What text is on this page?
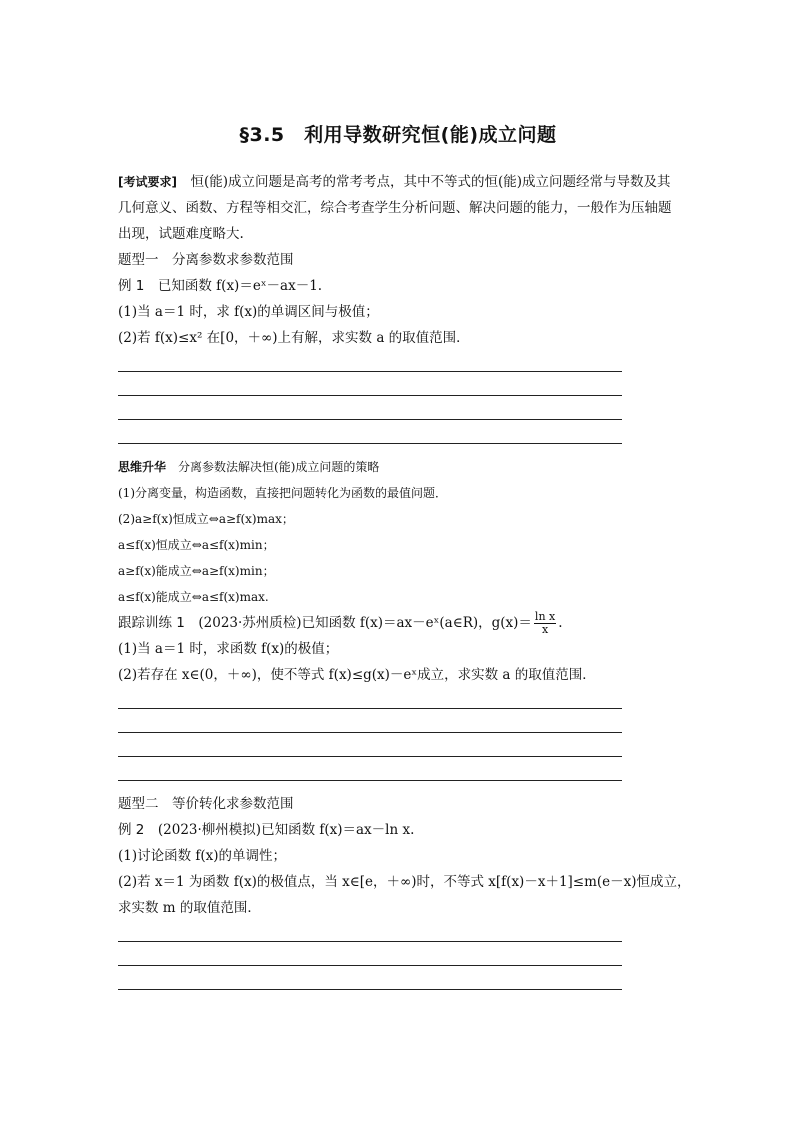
§3.5　利用导数研究恒(能)成立问题

[考试要求]　恒(能)成立问题是高考的常考考点，其中不等式的恒(能)成立问题经常与导数及其几何意义、函数、方程等相交汇，综合考查学生分析问题、解决问题的能力，一般作为压轴题出现，试题难度略大.

题型一　分离参数求参数范围

例 1　已知函数 f(x)＝eˣ－ax－1.

(1)当 a＝1 时，求 f(x)的单调区间与极值；

(2)若 f(x)≤x² 在[0，＋∞)上有解，求实数 a 的取值范围．

思维升华　分离参数法解决恒(能)成立问题的策略

(1)分离变量，构造函数，直接把问题转化为函数的最值问题．

(2)a≥f(x)恒成立⇔a≥f(x)max；

a≤f(x)恒成立⇔a≤f(x)min；

a≥f(x)能成立⇔a≥f(x)min；

a≤f(x)能成立⇔a≤f(x)max.

跟踪训练 1　(2023·苏州质检)已知函数 f(x)＝ax－eˣ(a∈R)，$g(x)= \frac{\text{ln x}}{x}$ .

(1)当 a＝1 时，求函数 f(x)的极值；

(2)若存在 x∈(0，＋∞)，使不等式 f(x)≤g(x)－eˣ成立，求实数 a 的取值范围．

题型二　等价转化求参数范围

例 2　(2023·柳州模拟)已知函数 f(x)＝ax－ln x.

(1)讨论函数 f(x)的单调性；

(2)若 x＝1 为函数 f(x)的极值点，当 x∈[e，＋∞)时，不等式 x[f(x)－x＋1]≤m(e－x)恒成立，

求实数 m 的取值范围．
